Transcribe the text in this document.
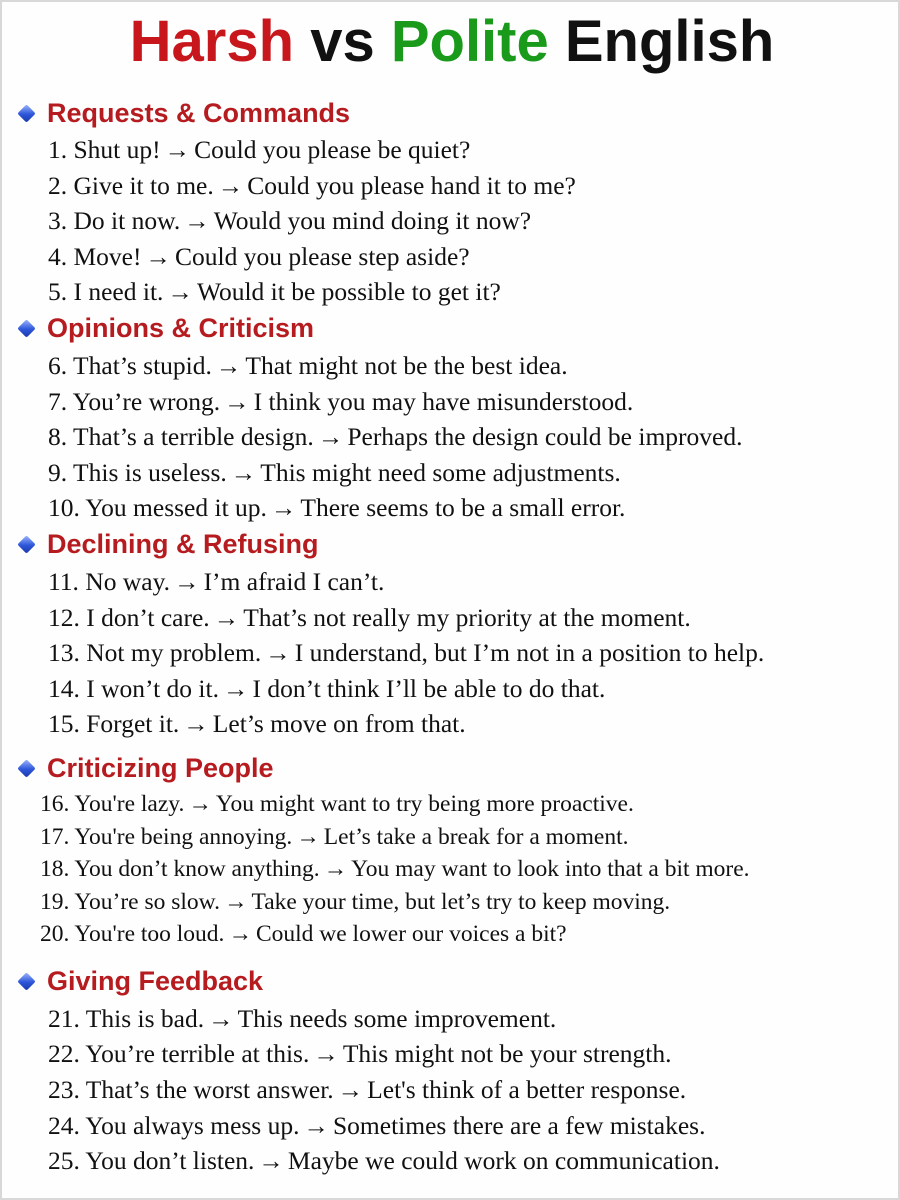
Harsh vs Polite English
Requests & Commands
1. Shut up! → Could you please be quiet?
2. Give it to me. → Could you please hand it to me?
3. Do it now. → Would you mind doing it now?
4. Move! → Could you please step aside?
5. I need it. → Would it be possible to get it?
Opinions & Criticism
6. That’s stupid. → That might not be the best idea.
7. You’re wrong. → I think you may have misunderstood.
8. That’s a terrible design. → Perhaps the design could be improved.
9. This is useless. → This might need some adjustments.
10. You messed it up. → There seems to be a small error.
Declining & Refusing
11. No way. → I’m afraid I can’t.
12. I don’t care. → That’s not really my priority at the moment.
13. Not my problem. → I understand, but I’m not in a position to help.
14. I won’t do it. → I don’t think I’ll be able to do that.
15. Forget it. → Let’s move on from that.
Criticizing People
16. You're lazy. → You might want to try being more proactive.
17. You're being annoying. → Let’s take a break for a moment.
18. You don’t know anything. → You may want to look into that a bit more.
19. You’re so slow. → Take your time, but let’s try to keep moving.
20. You're too loud. → Could we lower our voices a bit?
Giving Feedback
21. This is bad. → This needs some improvement.
22. You’re terrible at this. → This might not be your strength.
23. That’s the worst answer. → Let's think of a better response.
24. You always mess up. → Sometimes there are a few mistakes.
25. You don’t listen. → Maybe we could work on communication.
